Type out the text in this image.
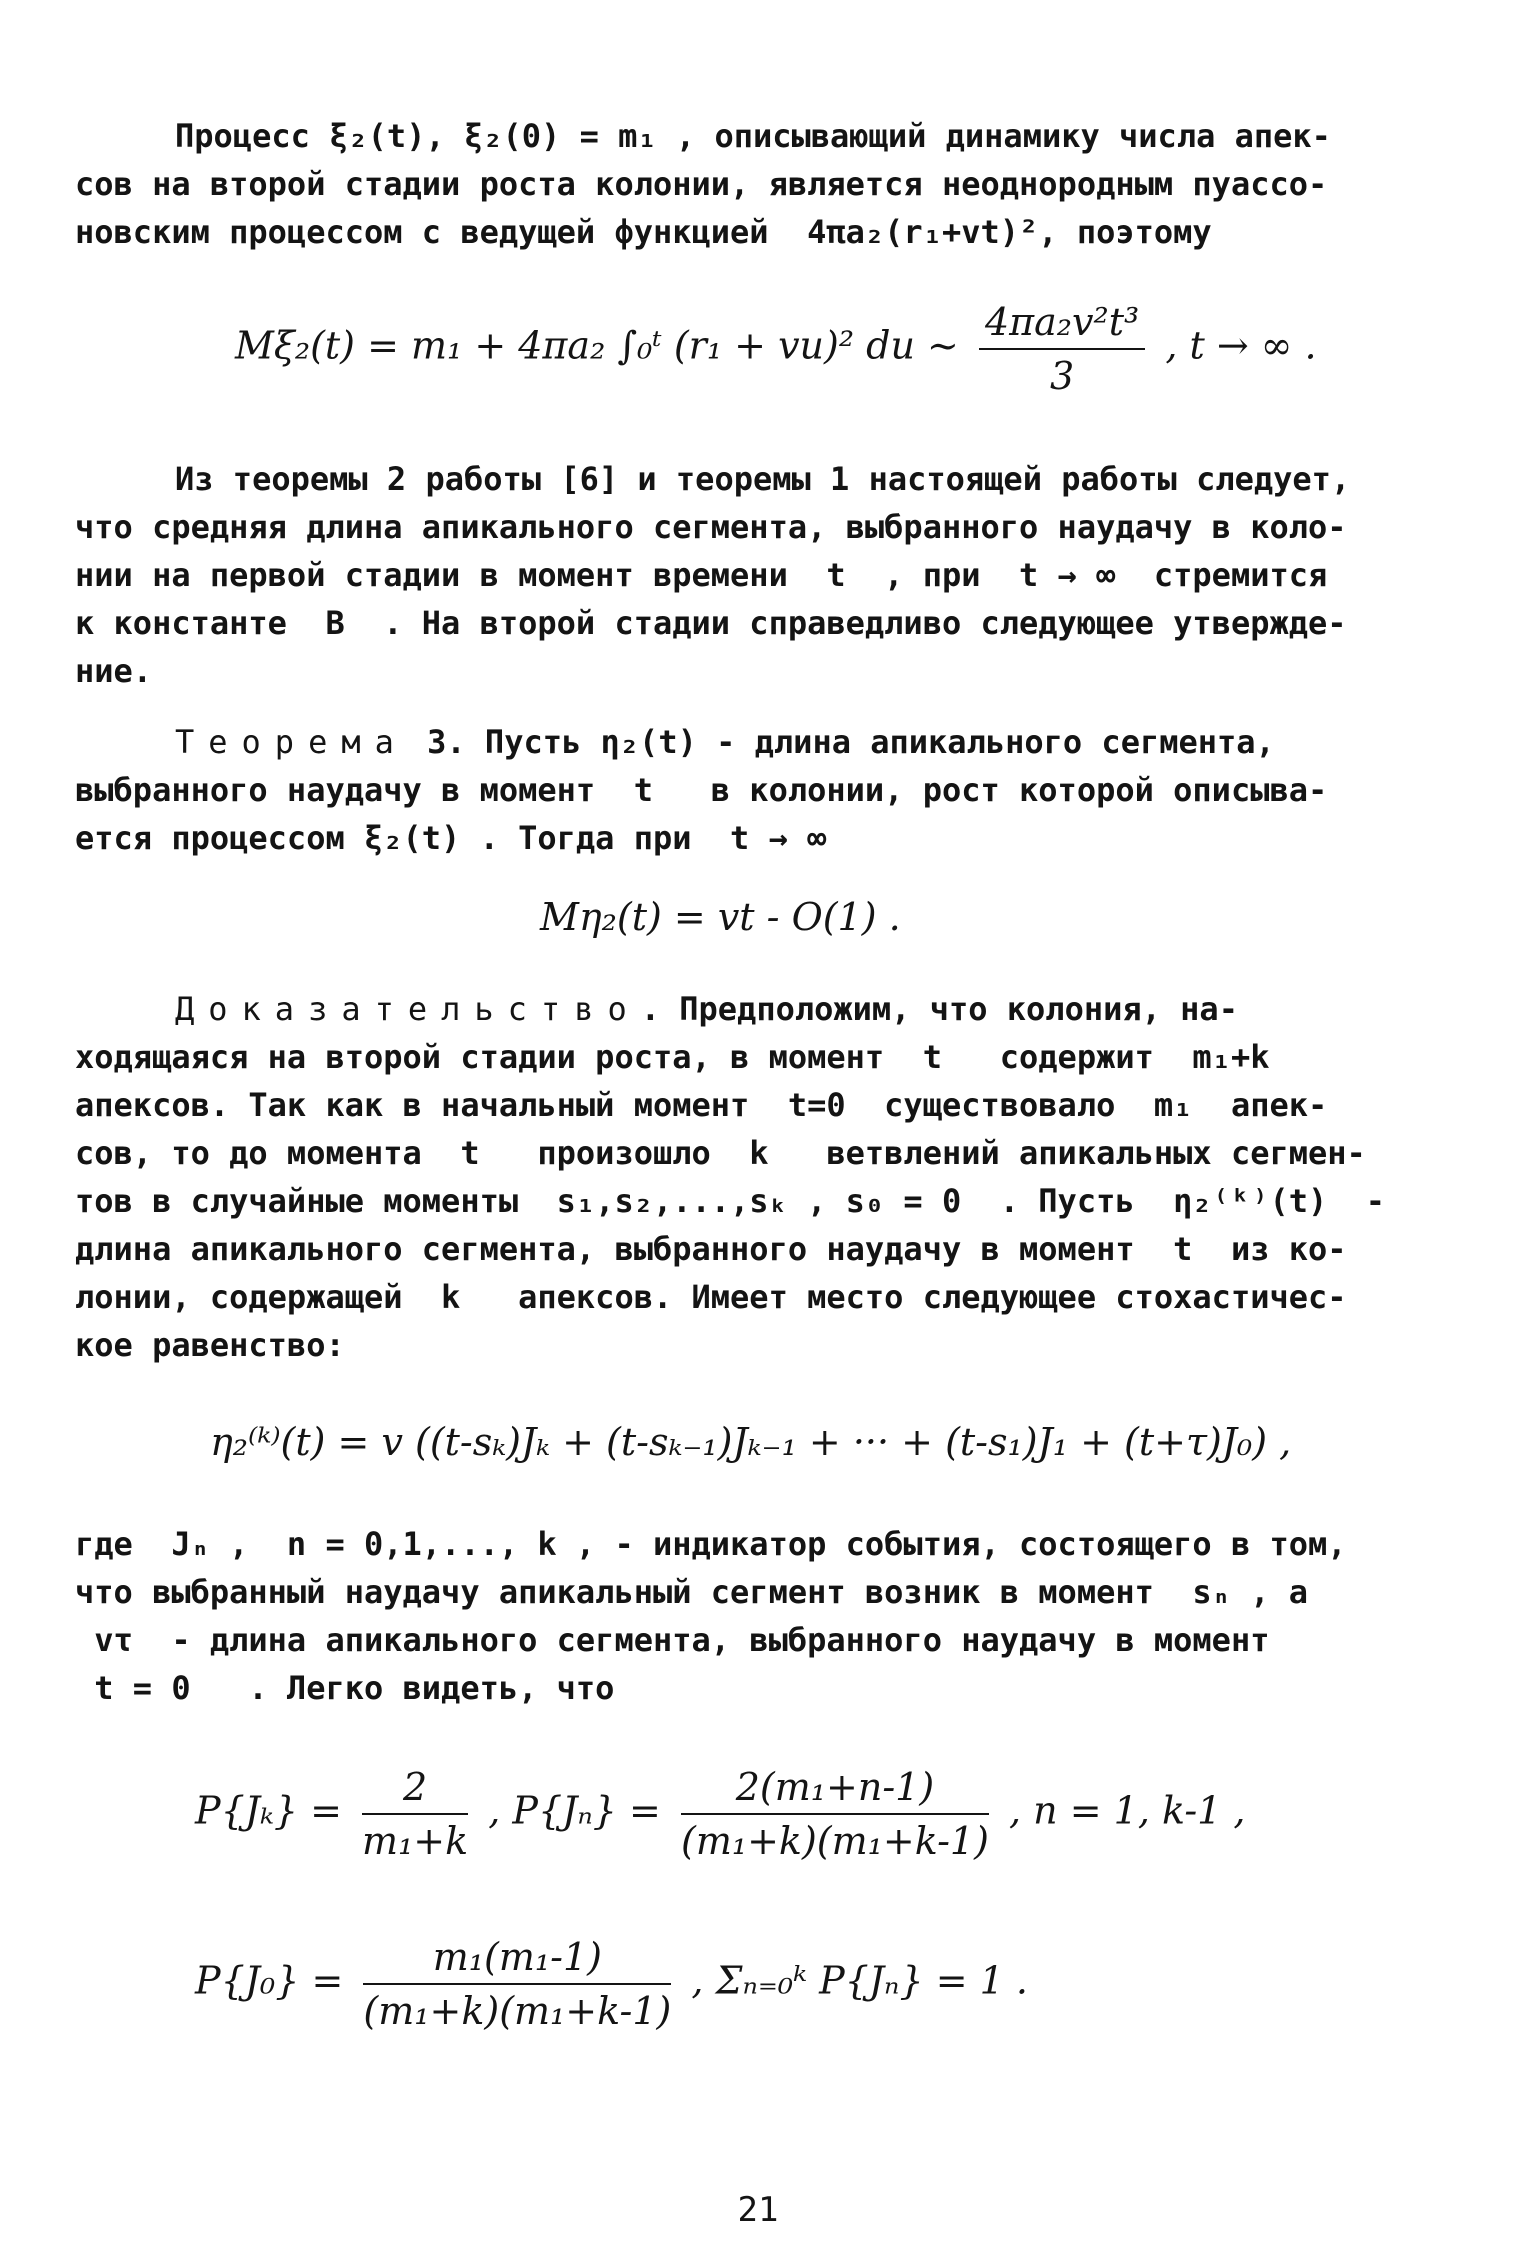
Процесс ξ₂(t), ξ₂(0) = m₁ , описывающий динамику числа апек-
сов на второй стадии роста колонии, является неоднородным пуассо-
новским процессом с ведущей функцией  4πa₂(r₁+vt)², поэтому
Mξ₂(t) = m₁ + 4πa₂ ∫₀ᵗ (r₁ + vu)² du ~ $\frac{\text{4πa₂v²t³}}{3}$ , t → ∞ .
Из теоремы 2 работы [6] и теоремы 1 настоящей работы следует,
что средняя длина апикального сегмента, выбранного наудачу в коло-
нии на первой стадии в момент времени  t  , при  t → ∞  стремится
к константе  B  . На второй стадии справедливо следующее утвержде-
ние.
Теорема 3. Пусть η₂(t) - длина апикального сегмента,
выбранного наудачу в момент  t   в колонии, рост которой описыва-
ется процессом ξ₂(t) . Тогда при  t → ∞
Mη₂(t) = vt - O(1) .
Доказательство. Предположим, что колония, на-
ходящаяся на второй стадии роста, в момент  t   содержит  m₁+k
апексов. Так как в начальный момент  t=0  существовало  m₁  апек-
сов, то до момента  t   произошло  k   ветвлений апикальных сегмен-
тов в случайные моменты  s₁,s₂,...,sₖ , s₀ = 0  . Пусть  η₂⁽ᵏ⁾(t)  -
длина апикального сегмента, выбранного наудачу в момент  t  из ко-
лонии, содержащей  k   апексов. Имеет место следующее стохастичес-
кое равенство:
η₂⁽ᵏ⁾(t) = v ((t-sₖ)Jₖ + (t-sₖ₋₁)Jₖ₋₁ + ··· + (t-s₁)J₁ + (t+τ)J₀) ,
где  Jₙ ,  n = 0,1,..., k , - индикатор события, состоящего в том,
что выбранный наудачу апикальный сегмент возник в момент  sₙ , а
vτ  - длина апикального сегмента, выбранного наудачу в момент
t = 0   . Легко видеть, что
$P\{J_k\} = \frac{2}{\text{m₁+k}}$ , $P\{J_n\} = \frac{\text{2(m₁+n-1)}}{\text{(m₁+k)(m₁+k-1)}}$ , n = 1, k-1 ,
$P\{J_0\} = \frac{\text{m₁(m₁-1)}}{\text{(m₁+k)(m₁+k-1)}}$ , Σₙ₌₀ᵏ P{Jₙ} = 1 .
21
